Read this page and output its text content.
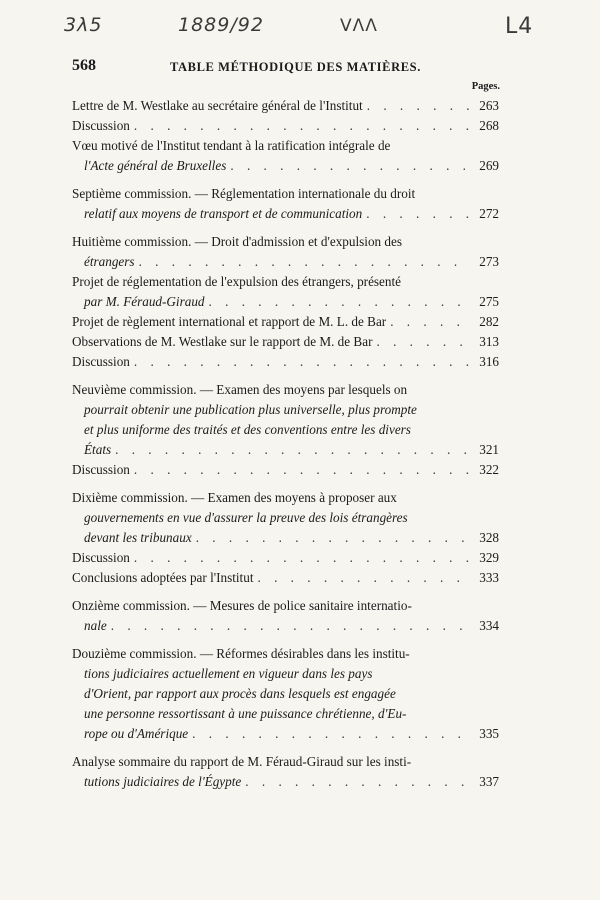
3λ5	1889/92	VΛΛ	L4
568	TABLE MÉTHODIQUE DES MATIÈRES.
Pages.
Lettre de M. Westlake au secrétaire général de l'Institut . . .	263
Discussion . . .	268
Vœu motivé de l'Institut tendant à la ratification intégrale de
l'Acte général de Bruxelles . . .	269
Septième commission. — Réglementation internationale du droit
relatif aux moyens de transport et de communication . . .	272
Huitième commission. — Droit d'admission et d'expulsion des
étrangers . . .	273
Projet de réglementation de l'expulsion des étrangers, présenté
par M. Féraud-Giraud . . .	275
Projet de règlement international et rapport de M. L. de Bar . . .	282
Observations de M. Westlake sur le rapport de M. de Bar . . .	313
Discussion . . .	316
Neuvième commission. — Examen des moyens par lesquels on
pourrait obtenir une publication plus universelle, plus prompte
et plus uniforme des traités et des conventions entre les divers
États . . .	321
Discussion . . .	322
Dixième commission. — Examen des moyens à proposer aux
gouvernements en vue d'assurer la preuve des lois étrangères
devant les tribunaux . . .	328
Discussion . . .	329
Conclusions adoptées par l'Institut . . .	333
Onzième commission. — Mesures de police sanitaire internatio-
nale . . .	334
Douzième commission. — Réformes désirables dans les institu-
tions judiciaires actuellement en vigueur dans les pays
d'Orient, par rapport aux procès dans lesquels est engagée
une personne ressortissant à une puissance chrétienne, d'Eu-
rope ou d'Amérique . . .	335
Analyse sommaire du rapport de M. Féraud-Giraud sur les insti-
tutions judiciaires de l'Égypte . . .	337
